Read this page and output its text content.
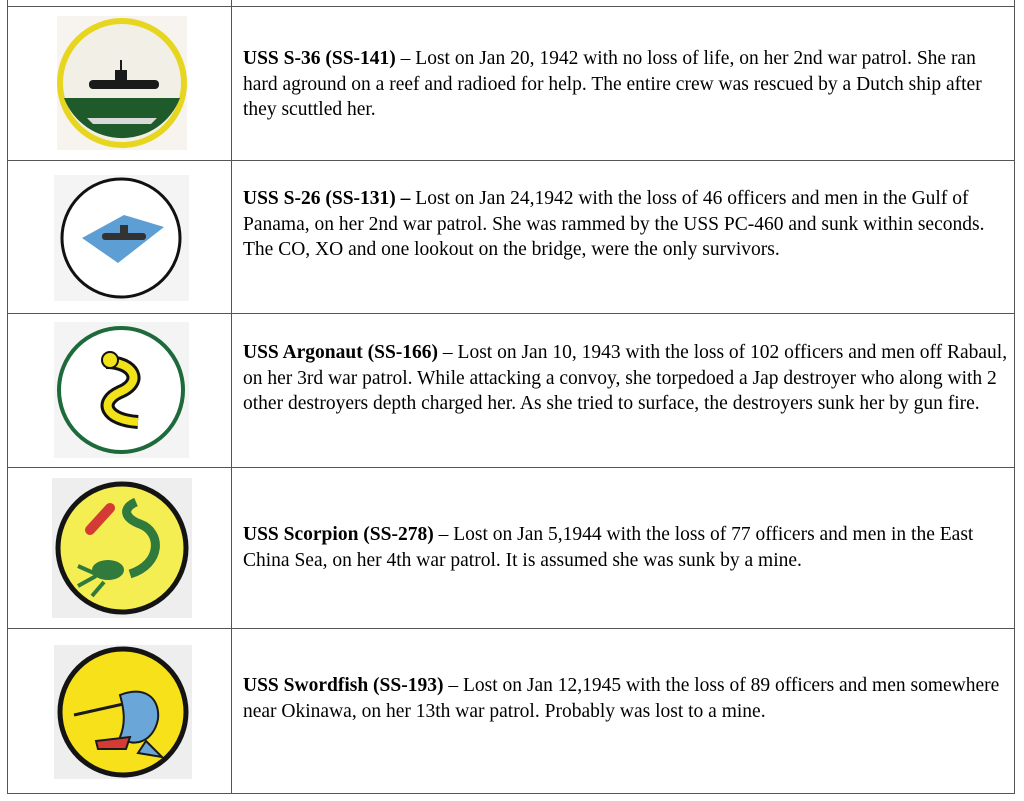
USS S-36 (SS-141) – Lost on Jan 20, 1942 with no loss of life, on her 2nd war patrol. She ran hard aground on a reef and radioed for help. The entire crew was rescued by a Dutch ship after they scuttled her.
USS S-26 (SS-131) – Lost on Jan 24,1942 with the loss of 46 officers and men in the Gulf of Panama, on her 2nd war patrol. She was rammed by the USS PC-460 and sunk within seconds. The CO, XO and one lookout on the bridge, were the only survivors.
USS Argonaut (SS-166) – Lost on Jan 10, 1943 with the loss of 102 officers and men off Rabaul, on her 3rd war patrol. While attacking a convoy, she torpedoed a Jap destroyer who along with 2 other destroyers depth charged her. As she tried to surface, the destroyers sunk her by gun fire.
USS Scorpion (SS-278) – Lost on Jan 5,1944 with the loss of 77 officers and men in the East China Sea, on her 4th war patrol. It is assumed she was sunk by a mine.
USS Swordfish (SS-193) – Lost on Jan 12,1945 with the loss of 89 officers and men somewhere near Okinawa, on her 13th war patrol. Probably was lost to a mine.
